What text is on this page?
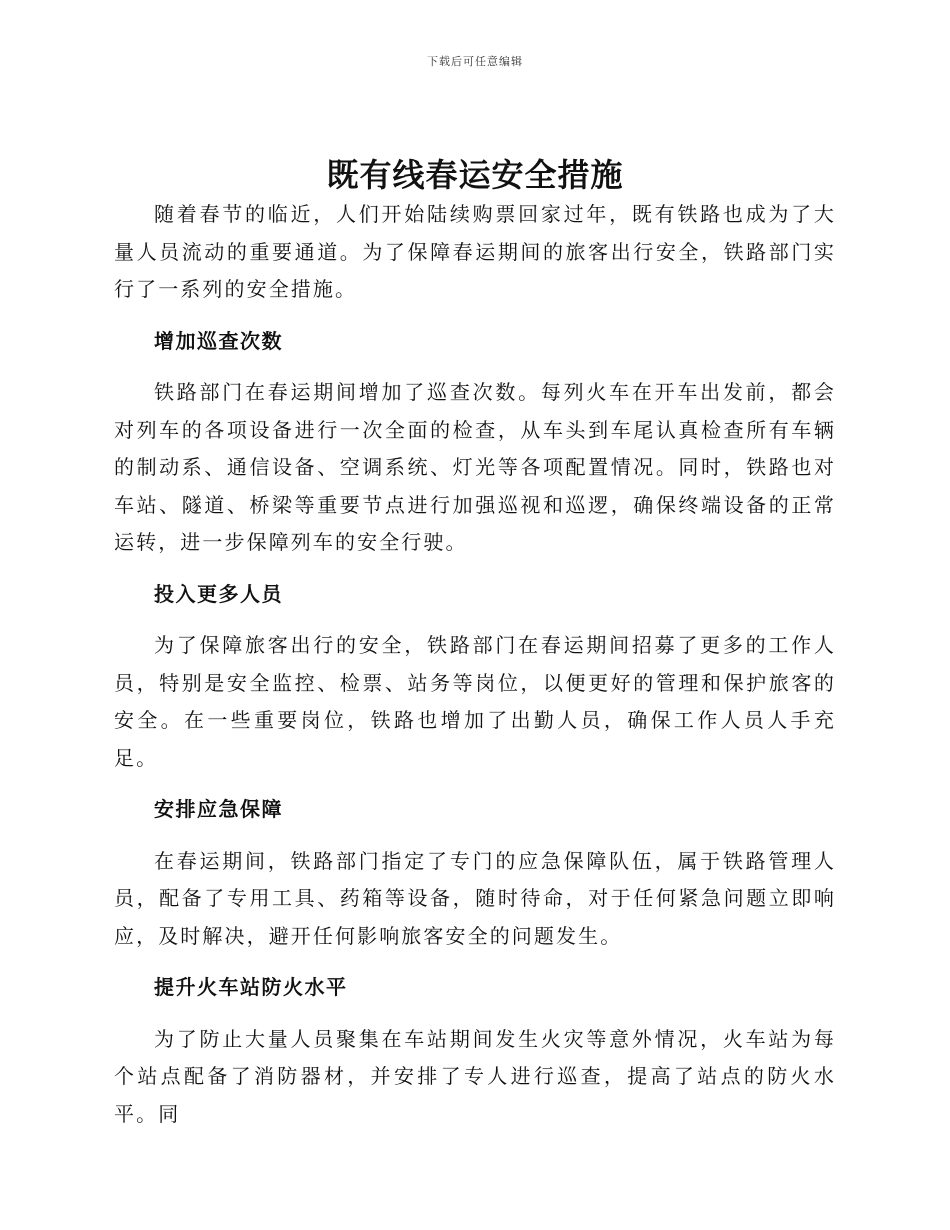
下载后可任意编辑
既有线春运安全措施

随着春节的临近，人们开始陆续购票回家过年，既有铁路也成为了大量人员流动的重要通道。为了保障春运期间的旅客出行安全，铁路部门实行了一系列的安全措施。

增加巡查次数

铁路部门在春运期间增加了巡查次数。每列火车在开车出发前，都会对列车的各项设备进行一次全面的检查，从车头到车尾认真检查所有车辆的制动系、通信设备、空调系统、灯光等各项配置情况。同时，铁路也对车站、隧道、桥梁等重要节点进行加强巡视和巡逻，确保终端设备的正常运转，进一步保障列车的安全行驶。

投入更多人员

为了保障旅客出行的安全，铁路部门在春运期间招募了更多的工作人员，特别是安全监控、检票、站务等岗位，以便更好的管理和保护旅客的安全。在一些重要岗位，铁路也增加了出勤人员，确保工作人员人手充足。

安排应急保障

在春运期间，铁路部门指定了专门的应急保障队伍，属于铁路管理人员，配备了专用工具、药箱等设备，随时待命，对于任何紧急问题立即响应，及时解决，避开任何影响旅客安全的问题发生。

提升火车站防火水平

为了防止大量人员聚集在车站期间发生火灾等意外情况，火车站为每个站点配备了消防器材，并安排了专人进行巡查，提高了站点的防火水平。同
